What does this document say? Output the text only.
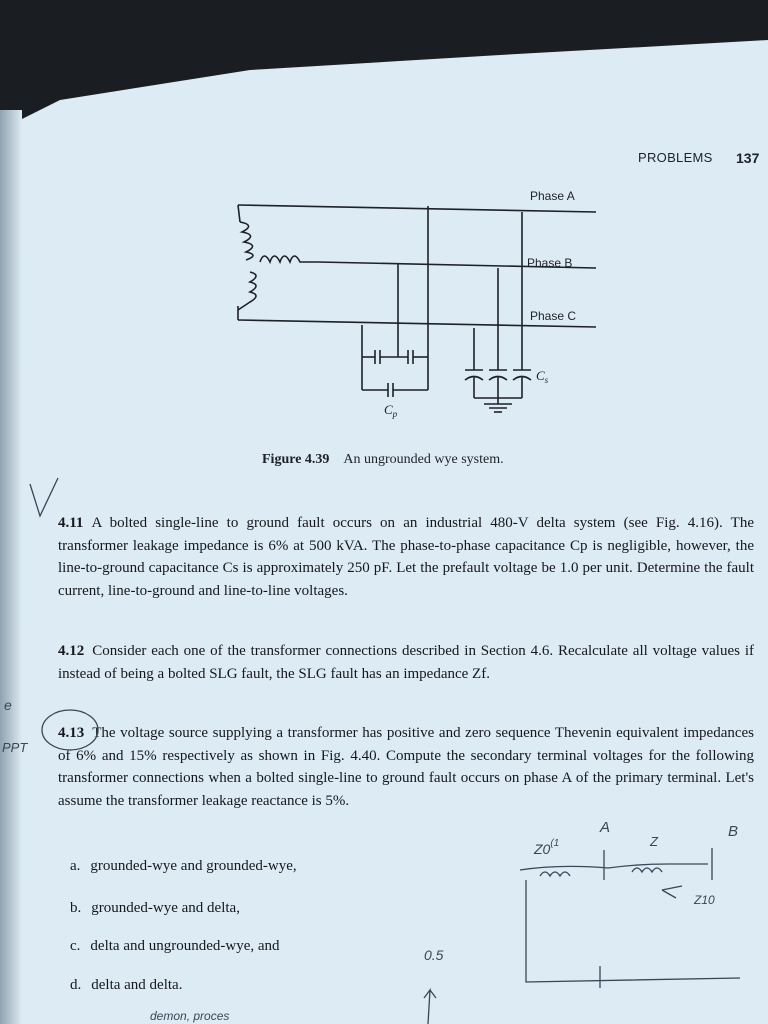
PROBLEMS 137
Phase A
Phase B
Phase C
$C_s$
$C_p$
Figure 4.39 An ungrounded wye system.
4.11 A bolted single-line to ground fault occurs on an industrial 480-V delta system (see Fig. 4.16). The transformer leakage impedance is 6% at 500 kVA. The phase-to-phase capacitance Cp is negligible, however, the line-to-ground capacitance Cs is approximately 250 pF. Let the prefault voltage be 1.0 per unit. Determine the fault current, line-to-ground and line-to-line voltages.
4.12 Consider each one of the transformer connections described in Section 4.6. Recalculate all voltage values if instead of being a bolted SLG fault, the SLG fault has an impedance Zf.
4.13 The voltage source supplying a transformer has positive and zero sequence Thevenin equivalent impedances of 6% and 15% respectively as shown in Fig. 4.40. Compute the secondary terminal voltages for the following transformer connections when a bolted single-line to ground fault occurs on phase A of the primary terminal. Let's assume the transformer leakage reactance is 5%.
a. grounded-wye and grounded-wye,
b. grounded-wye and delta,
c. delta and ungrounded-wye, and
d. delta and delta.
e
PPT
Z0$^{(1}$
A
Z
B
Z10
0.5
demon, proces
